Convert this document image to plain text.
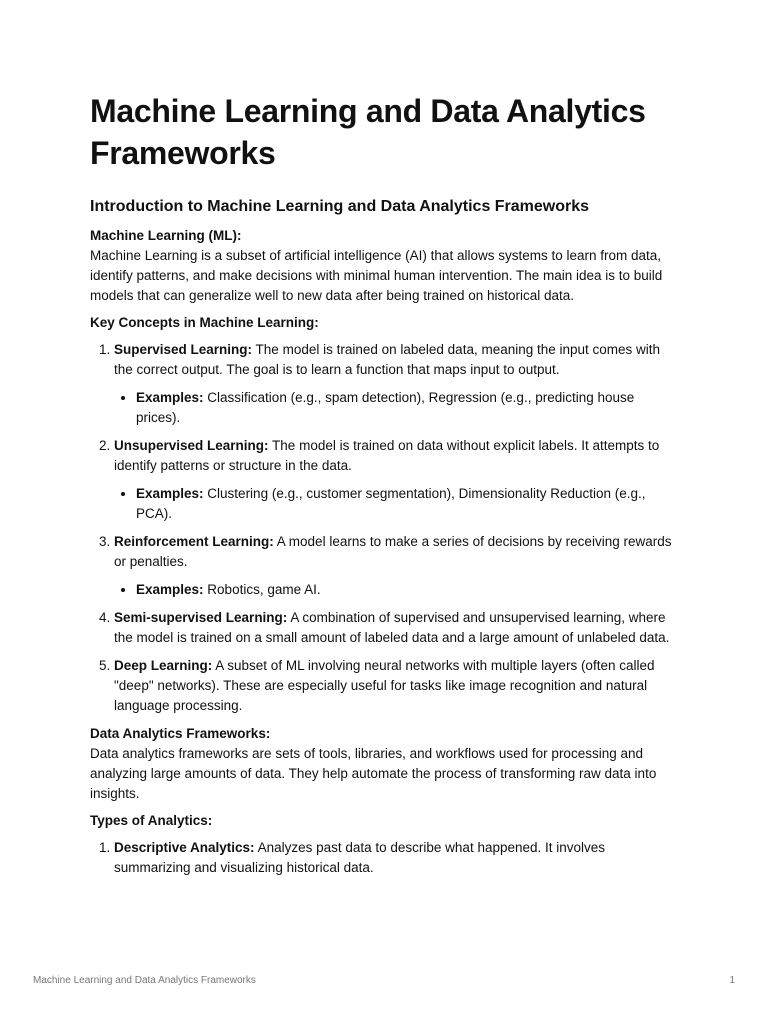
Machine Learning and Data Analytics Frameworks
Introduction to Machine Learning and Data Analytics Frameworks

Machine Learning (ML):
Machine Learning is a subset of artificial intelligence (AI) that allows systems to learn from data, identify patterns, and make decisions with minimal human intervention. The main idea is to build models that can generalize well to new data after being trained on historical data.

Key Concepts in Machine Learning:

1. Supervised Learning: The model is trained on labeled data, meaning the input comes with the correct output. The goal is to learn a function that maps input to output.
• Examples: Classification (e.g., spam detection), Regression (e.g., predicting house prices).
2. Unsupervised Learning: The model is trained on data without explicit labels. It attempts to identify patterns or structure in the data.
• Examples: Clustering (e.g., customer segmentation), Dimensionality Reduction (e.g., PCA).
3. Reinforcement Learning: A model learns to make a series of decisions by receiving rewards or penalties.
• Examples: Robotics, game AI.
4. Semi-supervised Learning: A combination of supervised and unsupervised learning, where the model is trained on a small amount of labeled data and a large amount of unlabeled data.
5. Deep Learning: A subset of ML involving neural networks with multiple layers (often called "deep" networks). These are especially useful for tasks like image recognition and natural language processing.

Data Analytics Frameworks:
Data analytics frameworks are sets of tools, libraries, and workflows used for processing and analyzing large amounts of data. They help automate the process of transforming raw data into insights.

Types of Analytics:

1. Descriptive Analytics: Analyzes past data to describe what happened. It involves summarizing and visualizing historical data.
Machine Learning and Data Analytics Frameworks	1
